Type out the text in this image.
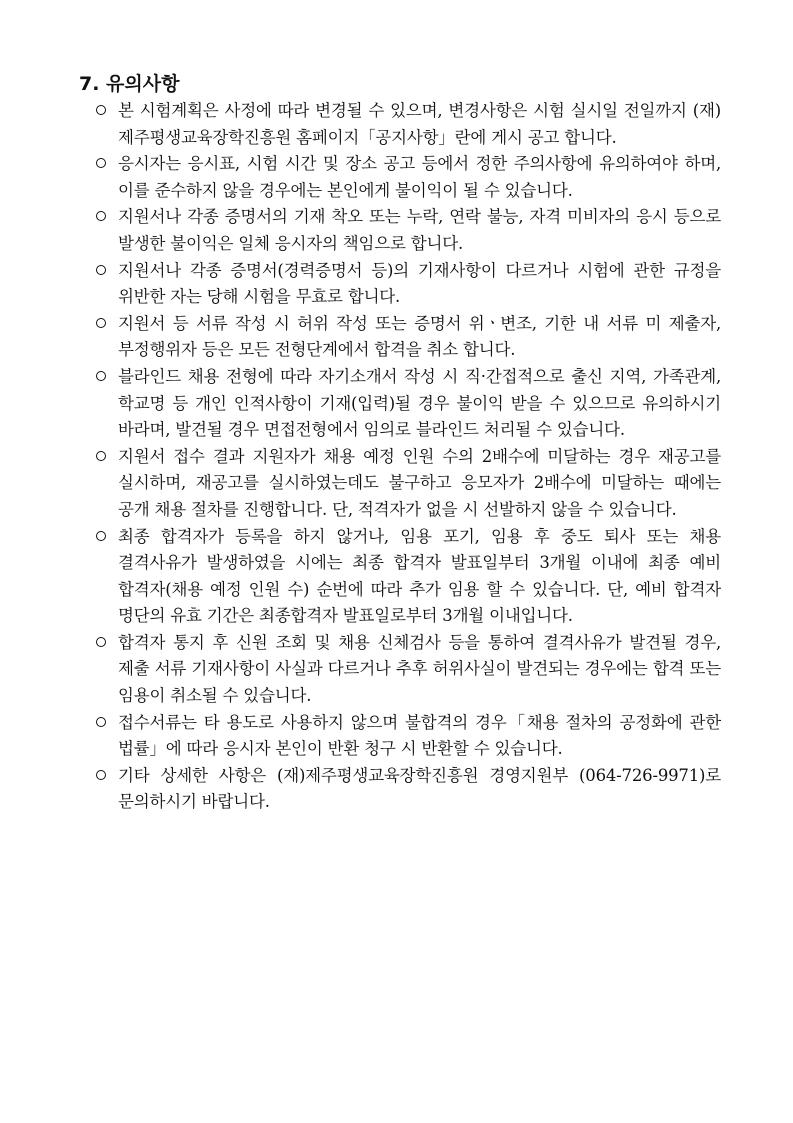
7. 유의사항
본 시험계획은 사정에 따라 변경될 수 있으며, 변경사항은 시험 실시일 전일까지 (재)제주평생교육장학진흥원 홈페이지「공지사항」란에 게시 공고 합니다.
응시자는 응시표, 시험 시간 및 장소 공고 등에서 정한 주의사항에 유의하여야 하며, 이를 준수하지 않을 경우에는 본인에게 불이익이 될 수 있습니다.
지원서나 각종 증명서의 기재 착오 또는 누락, 연락 불능, 자격 미비자의 응시 등으로 발생한 불이익은 일체 응시자의 책임으로 합니다.
지원서나 각종 증명서(경력증명서 등)의 기재사항이 다르거나 시험에 관한 규정을 위반한 자는 당해 시험을 무효로 합니다.
지원서 등 서류 작성 시 허위 작성 또는 증명서 위ㆍ변조, 기한 내 서류 미 제출자, 부정행위자 등은 모든 전형단계에서 합격을 취소 합니다.
블라인드 채용 전형에 따라 자기소개서 작성 시 직·간접적으로 출신 지역, 가족관계, 학교명 등 개인 인적사항이 기재(입력)될 경우 불이익 받을 수 있으므로 유의하시기 바라며, 발견될 경우 면접전형에서 임의로 블라인드 처리될 수 있습니다.
지원서 접수 결과 지원자가 채용 예정 인원 수의 2배수에 미달하는 경우 재공고를 실시하며, 재공고를 실시하였는데도 불구하고 응모자가 2배수에 미달하는 때에는 공개 채용 절차를 진행합니다. 단, 적격자가 없을 시 선발하지 않을 수 있습니다.
최종 합격자가 등록을 하지 않거나, 임용 포기, 임용 후 중도 퇴사 또는 채용 결격사유가 발생하였을 시에는 최종 합격자 발표일부터 3개월 이내에 최종 예비 합격자(채용 예정 인원 수) 순번에 따라 추가 임용 할 수 있습니다. 단, 예비 합격자 명단의 유효 기간은 최종합격자 발표일로부터 3개월 이내입니다.
합격자 통지 후 신원 조회 및 채용 신체검사 등을 통하여 결격사유가 발견될 경우, 제출 서류 기재사항이 사실과 다르거나 추후 허위사실이 발견되는 경우에는 합격 또는 임용이 취소될 수 있습니다.
접수서류는 타 용도로 사용하지 않으며 불합격의 경우「채용 절차의 공정화에 관한 법률」에 따라 응시자 본인이 반환 청구 시 반환할 수 있습니다.
기타 상세한 사항은 (재)제주평생교육장학진흥원 경영지원부 (064-726-9971)로 문의하시기 바랍니다.
